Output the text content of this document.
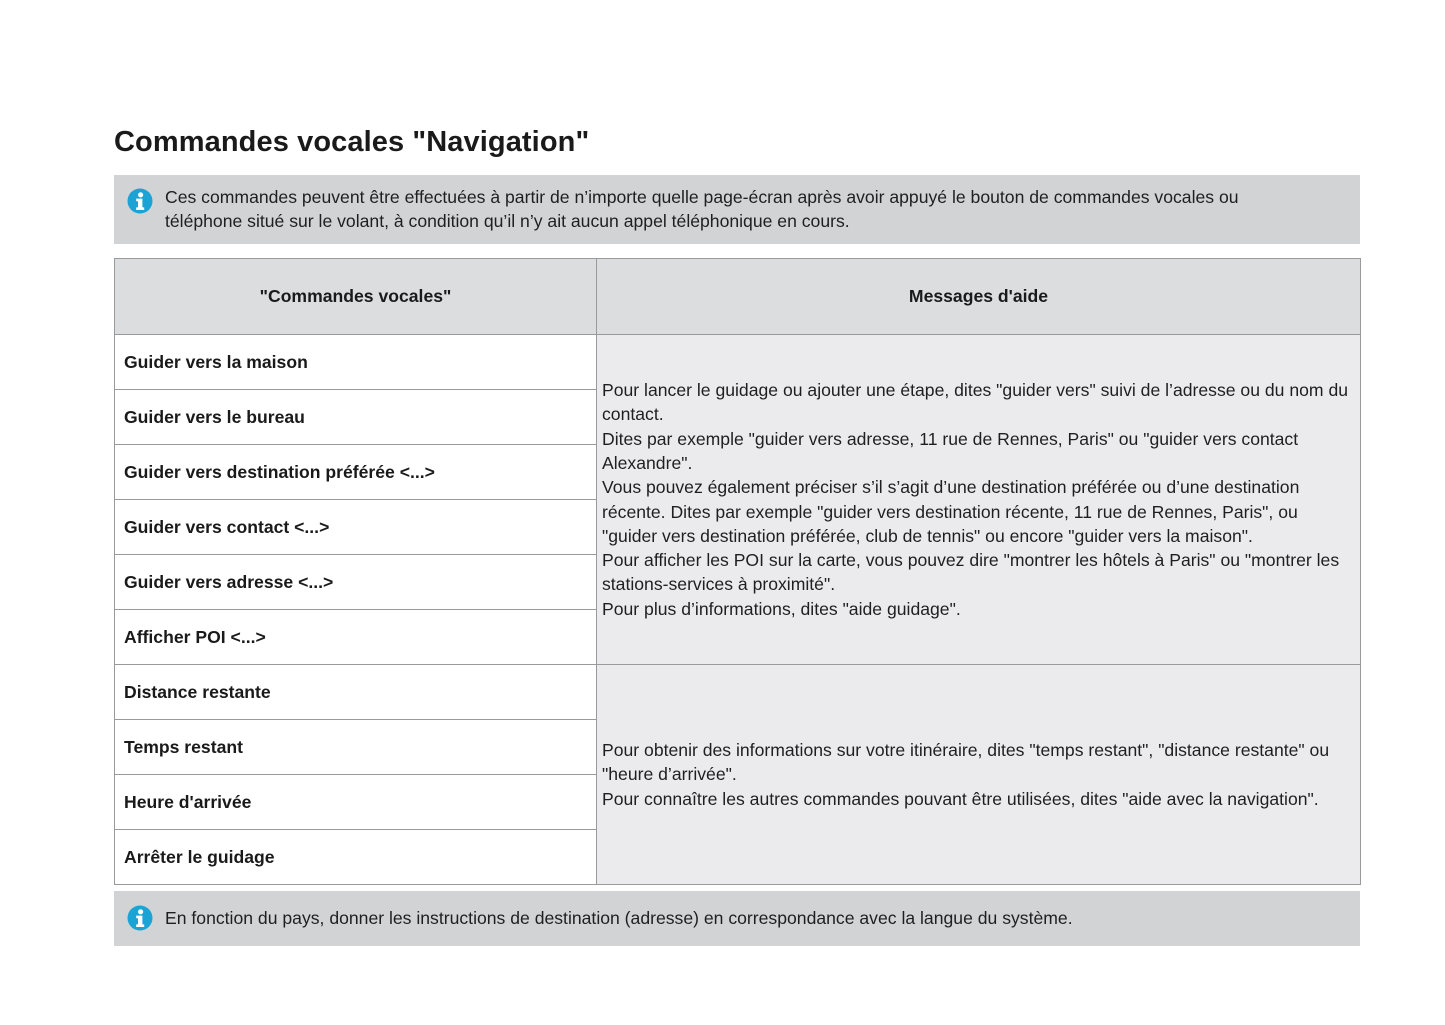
Commandes vocales "Navigation"
Ces commandes peuvent être effectuées à partir de n’importe quelle page-écran après avoir appuyé le bouton de commandes vocales ou téléphone situé sur le volant, à condition qu’il n’y ait aucun appel téléphonique en cours.
"Commandes vocales"	Messages d'aide
Guider vers la maison	Pour lancer le guidage ou ajouter une étape, dites "guider vers" suivi de l’adresse ou du nom du contact.
Dites par exemple "guider vers adresse, 11 rue de Rennes, Paris" ou "guider vers contact Alexandre".
Vous pouvez également préciser s’il s’agit d’une destination préférée ou d’une destination récente. Dites par exemple "guider vers destination récente, 11 rue de Rennes, Paris", ou "guider vers destination préférée, club de tennis" ou encore "guider vers la maison".
Pour afficher les POI sur la carte, vous pouvez dire "montrer les hôtels à Paris" ou "montrer les stations-services à proximité".
Pour plus d’informations, dites "aide guidage".

Guider vers le bureau	
Guider vers destination préférée <...>	
Guider vers contact <...>	
Guider vers adresse <...>	
Afficher POI <...>	
Distance restante	Pour obtenir des informations sur votre itinéraire, dites "temps restant", "distance restante" ou "heure d’arrivée".
Pour connaître les autres commandes pouvant être utilisées, dites "aide avec la navigation".

Temps restant	
Heure d'arrivée	
Arrêter le guidage	
En fonction du pays, donner les instructions de destination (adresse) en correspondance avec la langue du système.
